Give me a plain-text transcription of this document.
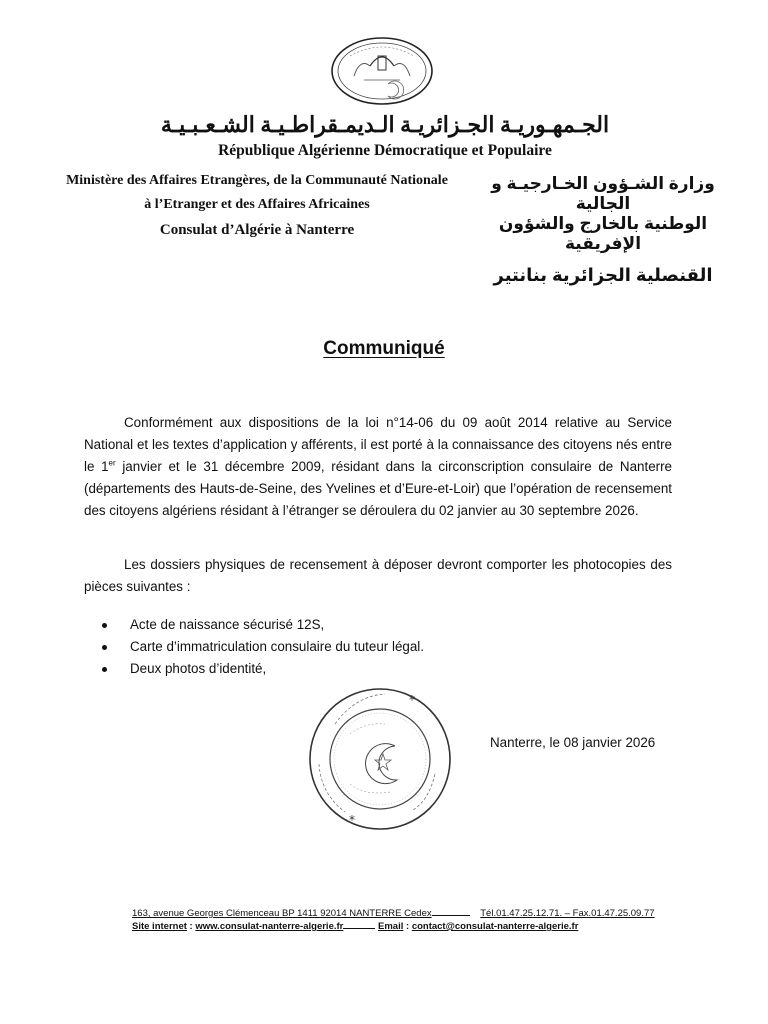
الجـمهـوريـة الجـزائريـة الـديمـقراطـيـة الشـعـبـيـة
République Algérienne Démocratique et Populaire
Ministère des Affaires Etrangères, de la Communauté Nationale
à l’Etranger et des Affaires Africaines
Consulat d’Algérie à Nanterre
وزارة الشـؤون الخـارجيـة و الجالية
الوطنية بالخارج والشؤون الإفريقية
القنصلية الجزائرية بنانتير
Communiqué
Conformément aux dispositions de la loi n°14-06 du 09 août 2014 relative au Service National et les textes d’application y afférents, il est porté à la connaissance des citoyens nés entre le 1er janvier et le 31 décembre 2009, résidant dans la circonscription consulaire de Nanterre (départements des Hauts-de-Seine, des Yvelines et d’Eure-et-Loir) que l’opération de recensement des citoyens algériens résidant à l’étranger se déroulera du 02 janvier au 30 septembre 2026.
Les dossiers physiques de recensement à déposer devront comporter les photocopies des pièces suivantes :
Acte de naissance sécurisé 12S,
Carte d’immatriculation consulaire du tuteur légal.
Deux photos d’identité,
*
*
Nanterre, le 08 janvier 2026
163, avenue Georges Clémenceau BP 1411 92014 NANTERRE Cedex	Tél.01.47.25.12.71. – Fax.01.47.25.09.77
Site internet : www.consulat-nanterre-algerie.fr	Email : contact@consulat-nanterre-algerie.fr
